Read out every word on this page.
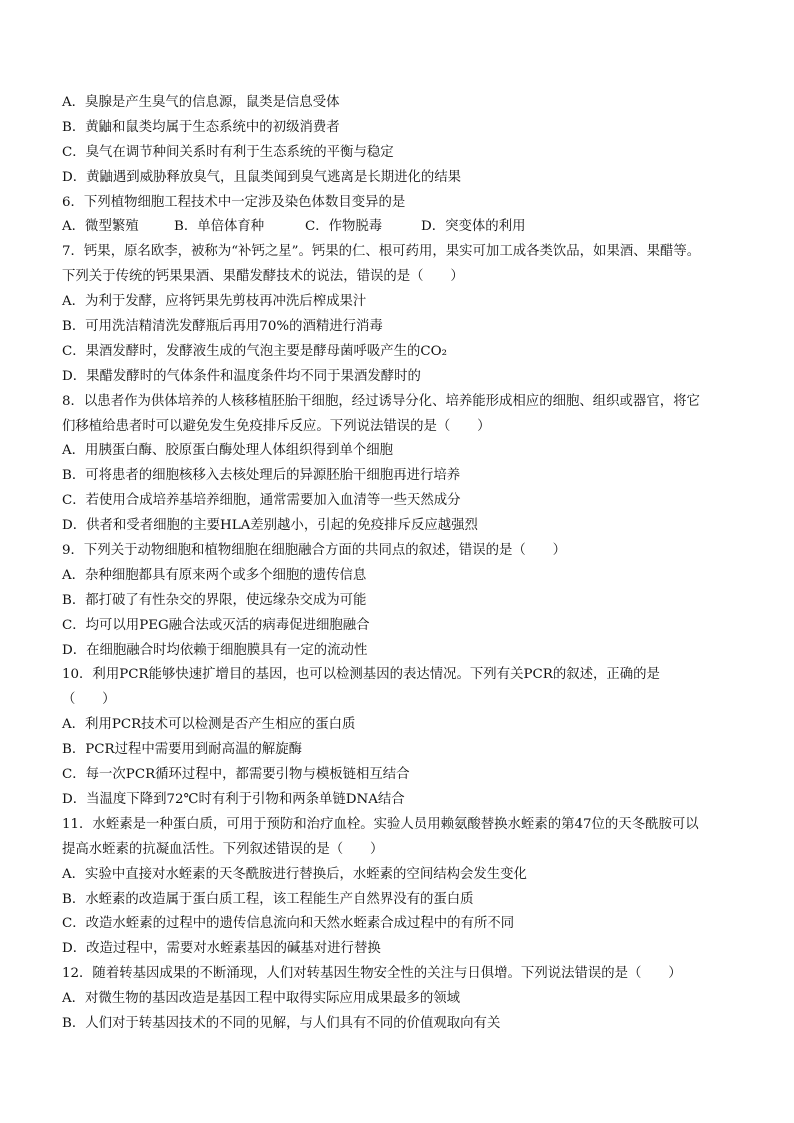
A．臭腺是产生臭气的信息源，鼠类是信息受体
B．黄鼬和鼠类均属于生态系统中的初级消费者
C．臭气在调节种间关系时有利于生态系统的平衡与稳定
D．黄鼬遇到威胁释放臭气，且鼠类闻到臭气逃离是长期进化的结果
6．下列植物细胞工程技术中一定涉及染色体数目变异的是
A．微型繁殖	B．单倍体育种	C．作物脱毒	D．突变体的利用
7．钙果，原名欧李，被称为“补钙之星”。钙果的仁、根可药用，果实可加工成各类饮品，如果酒、果醋等。
下列关于传统的钙果果酒、果醋发酵技术的说法，错误的是（　　）
A．为利于发酵，应将钙果先剪枝再冲洗后榨成果汁
B．可用洗洁精清洗发酵瓶后再用70%的酒精进行消毒
C．果酒发酵时，发酵液生成的气泡主要是酵母菌呼吸产生的CO₂
D．果醋发酵时的气体条件和温度条件均不同于果酒发酵时的
8．以患者作为供体培养的人核移植胚胎干细胞，经过诱导分化、培养能形成相应的细胞、组织或器官，将它
们移植给患者时可以避免发生免疫排斥反应。下列说法错误的是（　　）
A．用胰蛋白酶、胶原蛋白酶处理人体组织得到单个细胞
B．可将患者的细胞核移入去核处理后的异源胚胎干细胞再进行培养
C．若使用合成培养基培养细胞，通常需要加入血清等一些天然成分
D．供者和受者细胞的主要HLA差别越小，引起的免疫排斥反应越强烈
9．下列关于动物细胞和植物细胞在细胞融合方面的共同点的叙述，错误的是（　　）
A．杂种细胞都具有原来两个或多个细胞的遗传信息
B．都打破了有性杂交的界限，使远缘杂交成为可能
C．均可以用PEG融合法或灭活的病毒促进细胞融合
D．在细胞融合时均依赖于细胞膜具有一定的流动性
10．利用PCR能够快速扩增目的基因，也可以检测基因的表达情况。下列有关PCR的叙述，正确的是
（　　）
A．利用PCR技术可以检测是否产生相应的蛋白质
B．PCR过程中需要用到耐高温的解旋酶
C．每一次PCR循环过程中，都需要引物与模板链相互结合
D．当温度下降到72℃时有利于引物和两条单链DNA结合
11．水蛭素是一种蛋白质，可用于预防和治疗血栓。实验人员用赖氨酸替换水蛭素的第47位的天冬酰胺可以
提高水蛭素的抗凝血活性。下列叙述错误的是（　　）
A．实验中直接对水蛭素的天冬酰胺进行替换后，水蛭素的空间结构会发生变化
B．水蛭素的改造属于蛋白质工程，该工程能生产自然界没有的蛋白质
C．改造水蛭素的过程中的遗传信息流向和天然水蛭素合成过程中的有所不同
D．改造过程中，需要对水蛭素基因的碱基对进行替换
12．随着转基因成果的不断涌现，人们对转基因生物安全性的关注与日俱增。下列说法错误的是（　　）
A．对微生物的基因改造是基因工程中取得实际应用成果最多的领域
B．人们对于转基因技术的不同的见解，与人们具有不同的价值观取向有关
